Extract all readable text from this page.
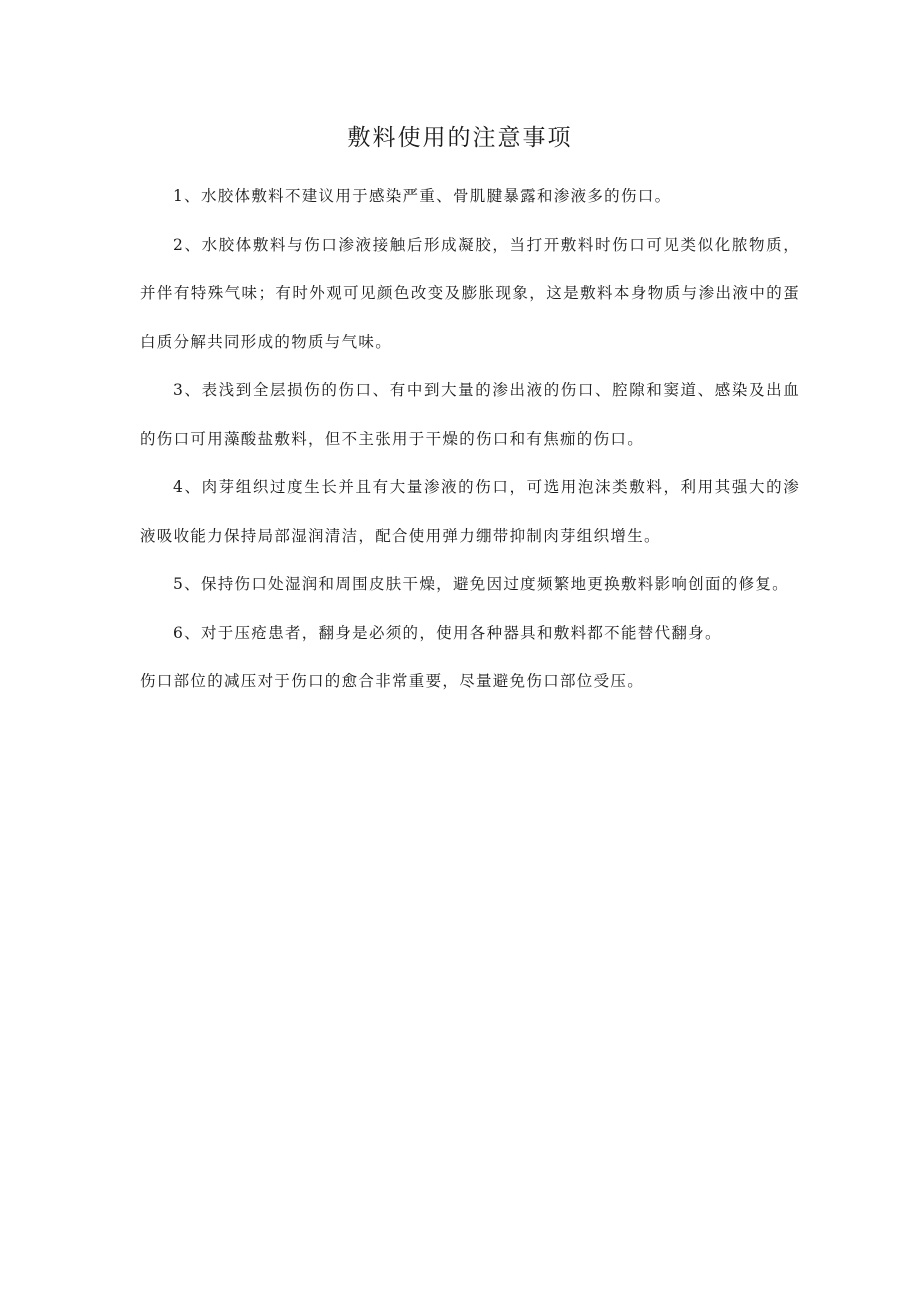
敷料使用的注意事项

1、水胶体敷料不建议用于感染严重、骨肌腱暴露和渗液多的伤口。

2、水胶体敷料与伤口渗液接触后形成凝胶，当打开敷料时伤口可见类似化脓物质，并伴有特殊气味；有时外观可见颜色改变及膨胀现象，这是敷料本身物质与渗出液中的蛋白质分解共同形成的物质与气味。

3、表浅到全层损伤的伤口、有中到大量的渗出液的伤口、腔隙和窦道、感染及出血的伤口可用藻酸盐敷料，但不主张用于干燥的伤口和有焦痂的伤口。

4、肉芽组织过度生长并且有大量渗液的伤口，可选用泡沫类敷料，利用其强大的渗液吸收能力保持局部湿润清洁，配合使用弹力绷带抑制肉芽组织增生。

5、保持伤口处湿润和周围皮肤干燥，避免因过度频繁地更换敷料影响创面的修复。

6、对于压疮患者，翻身是必须的，使用各种器具和敷料都不能替代翻身。

伤口部位的减压对于伤口的愈合非常重要，尽量避免伤口部位受压。
